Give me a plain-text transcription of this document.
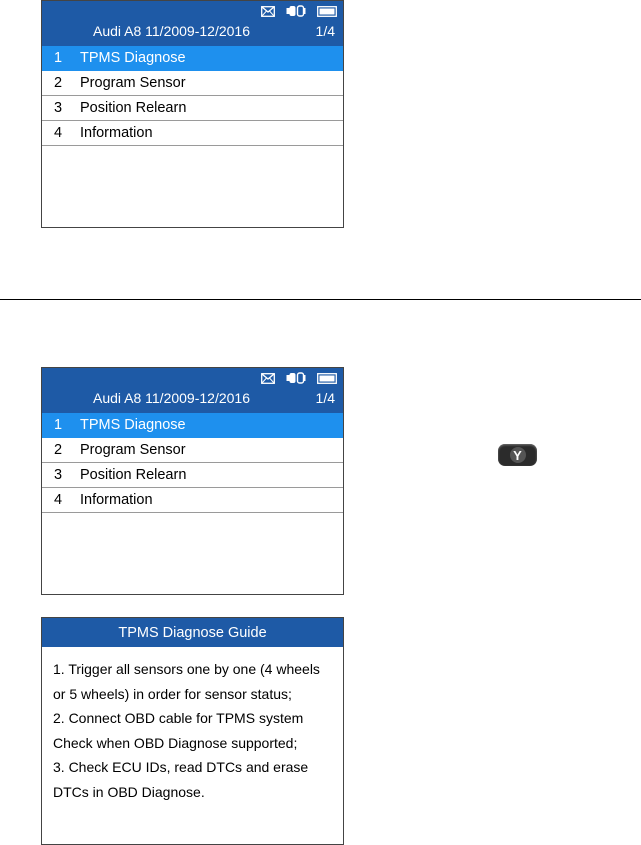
Audi A8 11/2009-12/2016	1/4
1 TPMS Diagnose
2 Program Sensor
3 Position Relearn
4 Information
Audi A8 11/2009-12/2016	1/4
1 TPMS Diagnose
2 Program Sensor
3 Position Relearn
4 Information
Y
TPMS Diagnose Guide
1. Trigger all sensors one by one (4 wheels
or 5 wheels) in order for sensor status;
2. Connect OBD cable for TPMS system
Check when OBD Diagnose supported;
3. Check ECU IDs, read DTCs and erase
DTCs in OBD Diagnose.
